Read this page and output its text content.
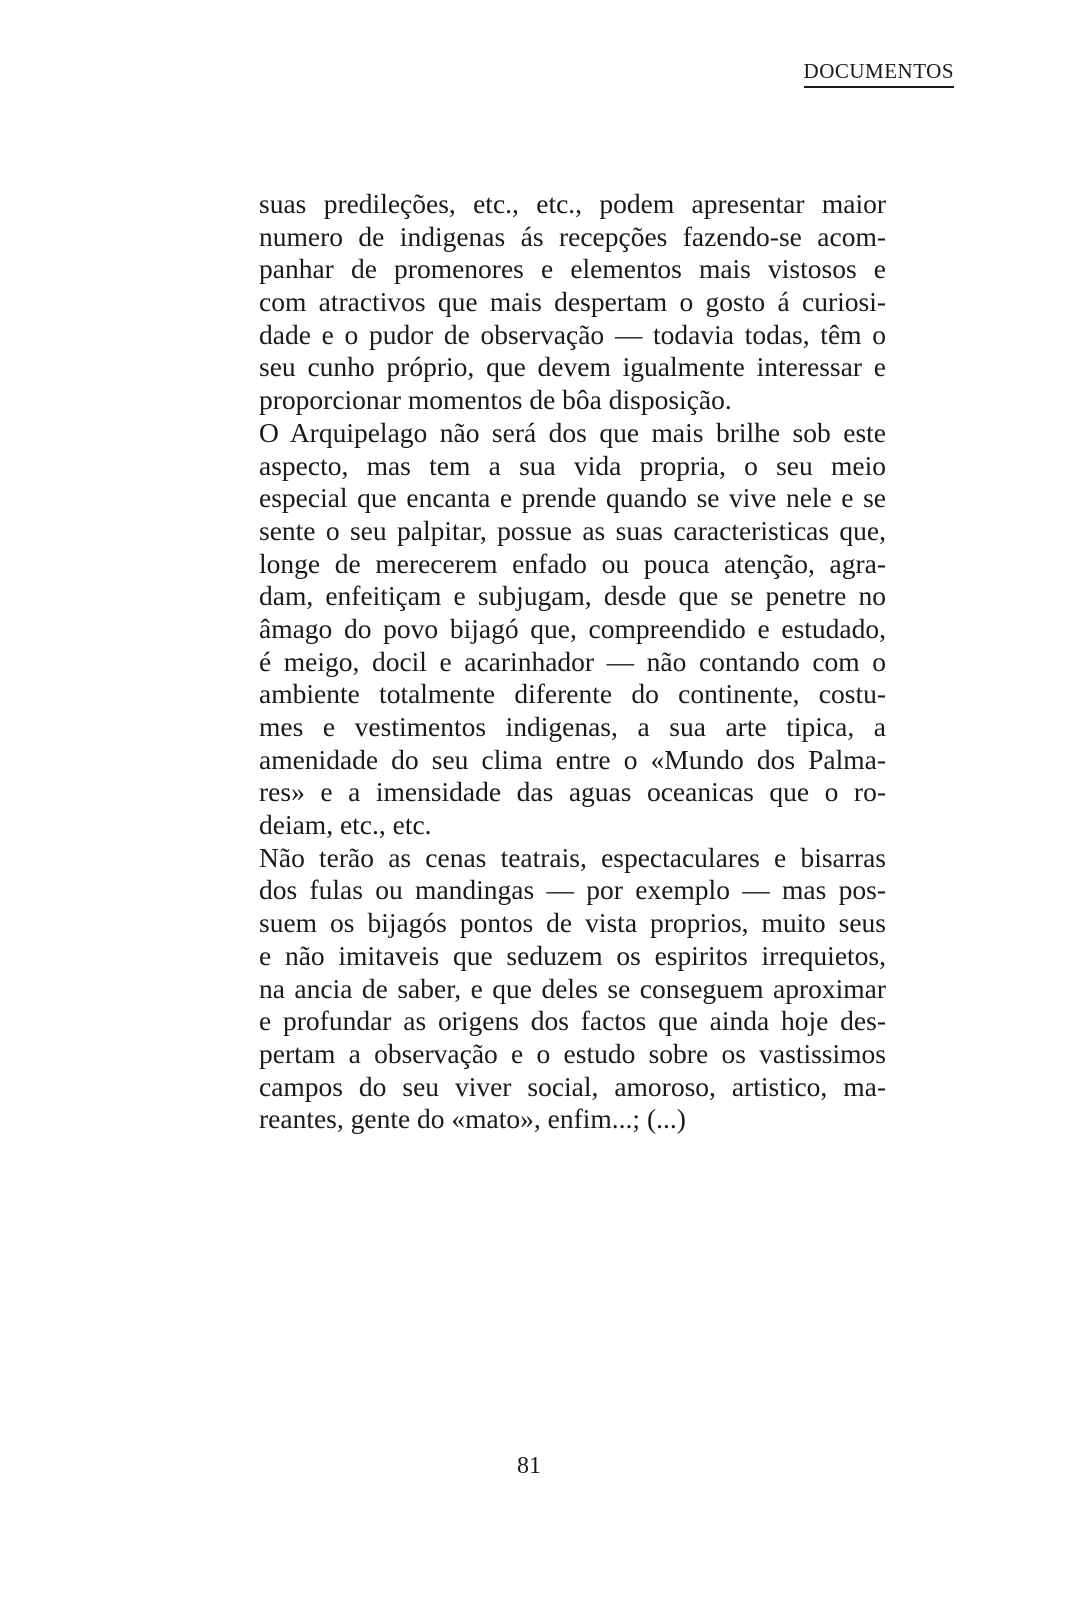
DOCUMENTOS
suas predileções, etc., etc., podem apresentar maior
numero de indigenas ás recepções fazendo-se acom-
panhar de promenores e elementos mais vistosos e
com atractivos que mais despertam o gosto á curiosi-
dade e o pudor de observação — todavia todas, têm o
seu cunho próprio, que devem igualmente interessar e
proporcionar momentos de bôa disposição.
O Arquipelago não será dos que mais brilhe sob este
aspecto, mas tem a sua vida propria, o seu meio
especial que encanta e prende quando se vive nele e se
sente o seu palpitar, possue as suas caracteristicas que,
longe de merecerem enfado ou pouca atenção, agra-
dam, enfeitiçam e subjugam, desde que se penetre no
âmago do povo bijagó que, compreendido e estudado,
é meigo, docil e acarinhador — não contando com o
ambiente totalmente diferente do continente, costu-
mes e vestimentos indigenas, a sua arte tipica, a
amenidade do seu clima entre o «Mundo dos Palma-
res» e a imensidade das aguas oceanicas que o ro-
deiam, etc., etc.
Não terão as cenas teatrais, espectaculares e bisarras
dos fulas ou mandingas — por exemplo — mas pos-
suem os bijagós pontos de vista proprios, muito seus
e não imitaveis que seduzem os espiritos irrequietos,
na ancia de saber, e que deles se conseguem aproximar
e profundar as origens dos factos que ainda hoje des-
pertam a observação e o estudo sobre os vastissimos
campos do seu viver social, amoroso, artistico, ma-
reantes, gente do «mato», enfim...; (...)
81
